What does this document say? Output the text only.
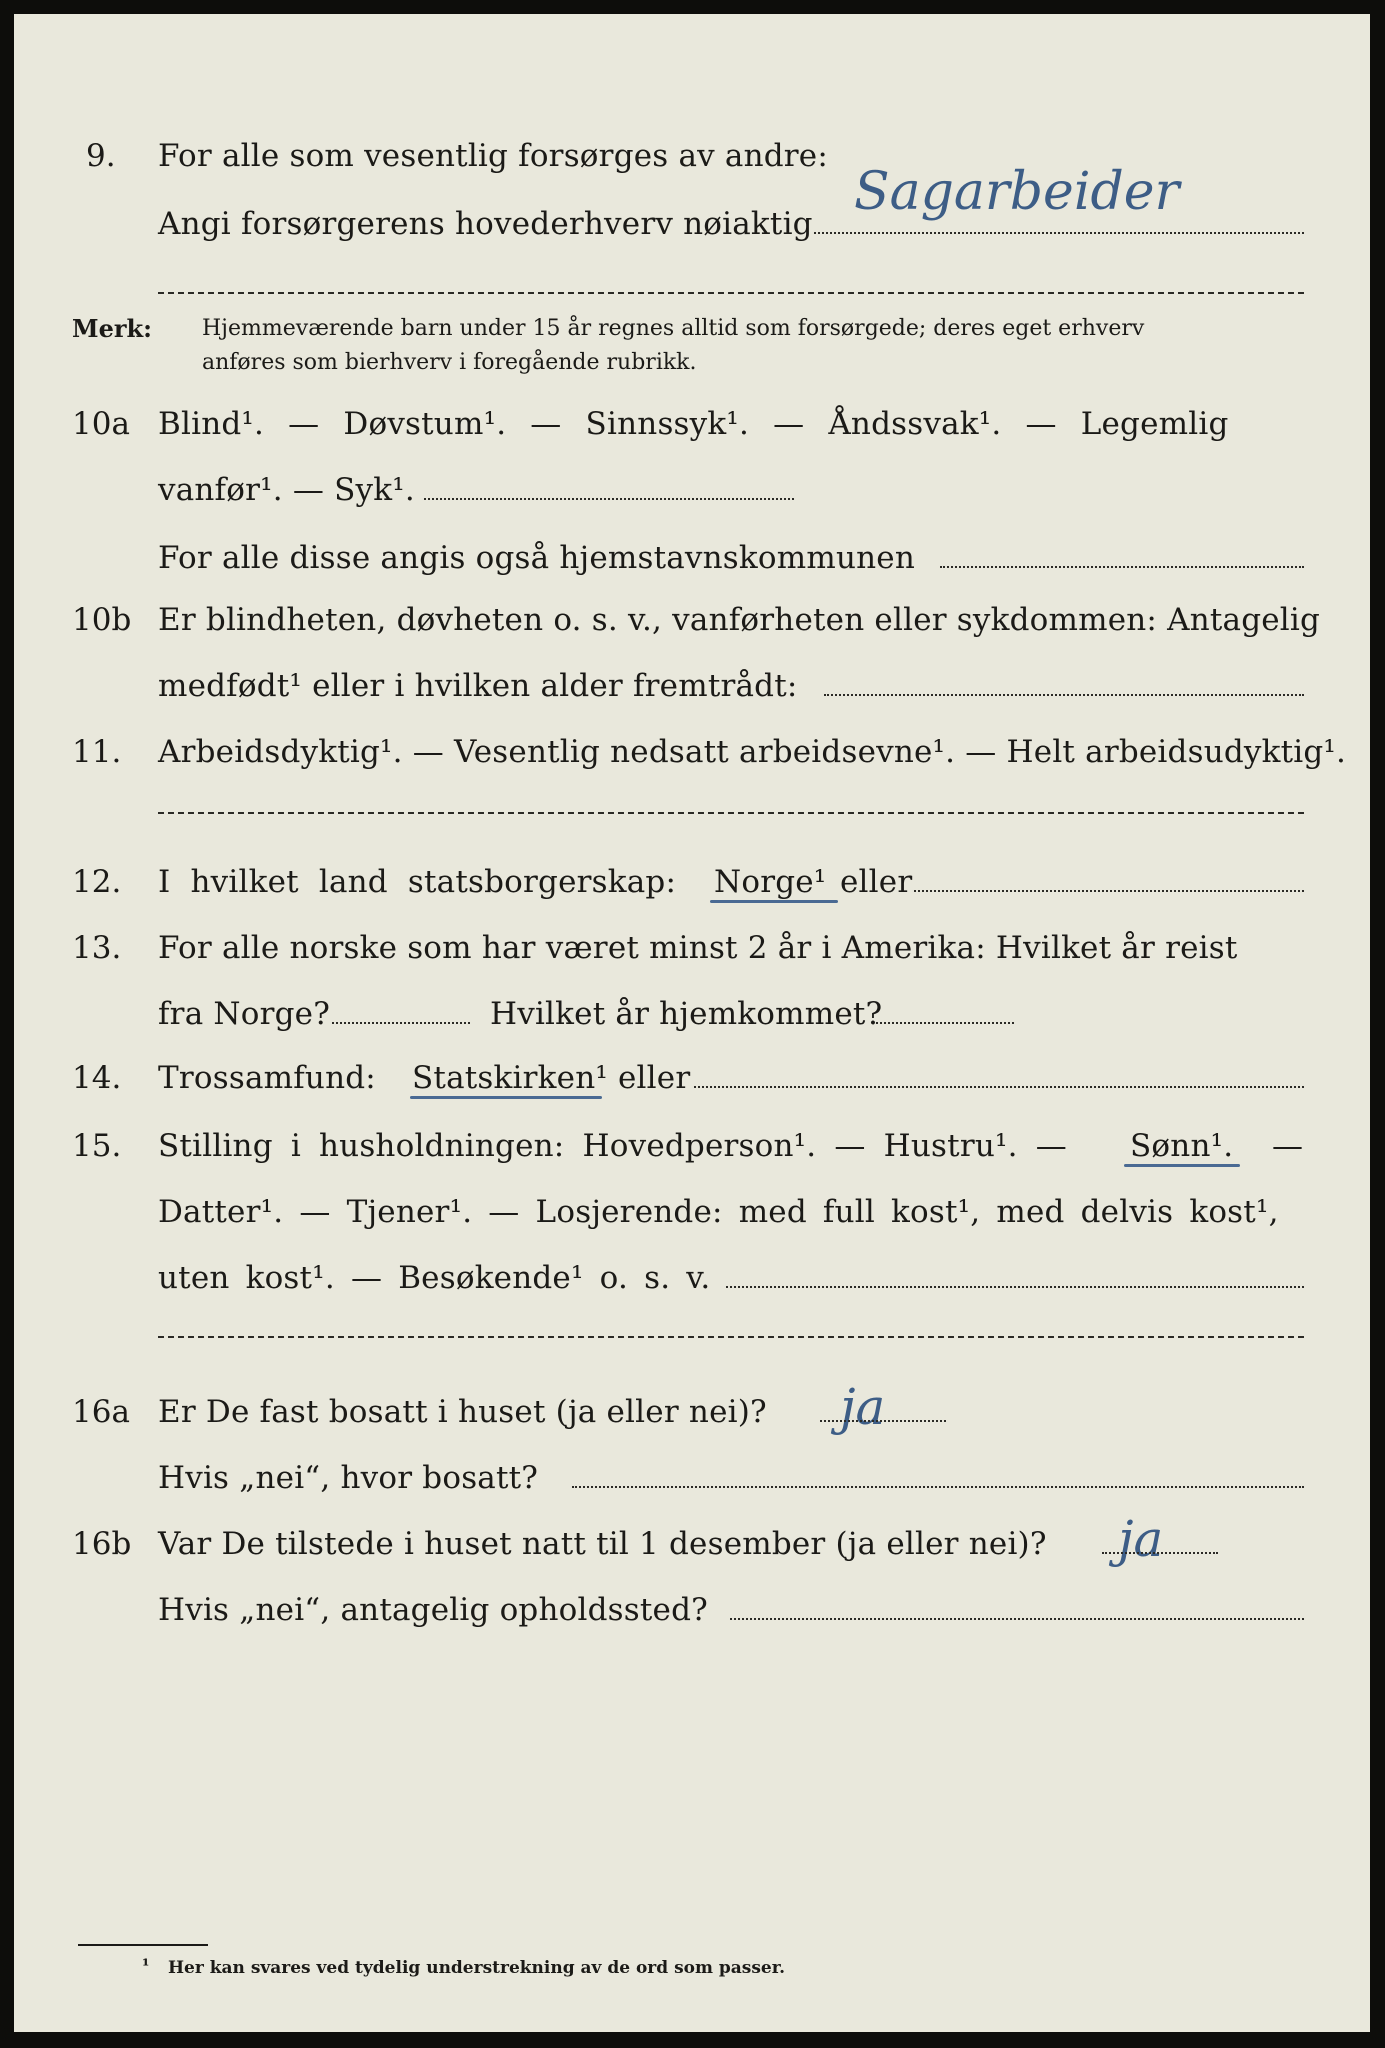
9. For alle som vesentlig forsørges av andre:
Sagarbeider
Angi forsørgerens hovederhverv nøiaktig
Merk: Hjemmeværende barn under 15 år regnes alltid som forsørgede; deres eget erhverv
anføres som bierhverv i foregående rubrikk.
10a Blind¹. — Døvstum¹. — Sinnssyk¹. — Åndssvak¹. — Legemlig
vanfør¹. — Syk¹.
For alle disse angis også hjemstavnskommunen
10b Er blindheten, døvheten o. s. v., vanførheten eller sykdommen: Antagelig
medfødt¹ eller i hvilken alder fremtrådt:
11. Arbeidsdyktig¹. — Vesentlig nedsatt arbeidsevne¹. — Helt arbeidsudyktig¹.
12. I hvilket land statsborgerskap: Norge¹ eller
13. For alle norske som har været minst 2 år i Amerika: Hvilket år reist
fra Norge?	Hvilket år hjemkommet?
14. Trossamfund: Statskirken¹ eller
15. Stilling i husholdningen: Hovedperson¹. — Hustru¹. — Sønn¹. —
Datter¹. — Tjener¹. — Losjerende: med full kost¹, med delvis kost¹,
uten kost¹. — Besøkende¹ o. s. v.
16a Er De fast bosatt i huset (ja eller nei)? ja
Hvis „nei“, hvor bosatt?
16b Var De tilstede i huset natt til 1 desember (ja eller nei)? ja
Hvis „nei“, antagelig opholdssted?
¹ Her kan svares ved tydelig understrekning av de ord som passer.
